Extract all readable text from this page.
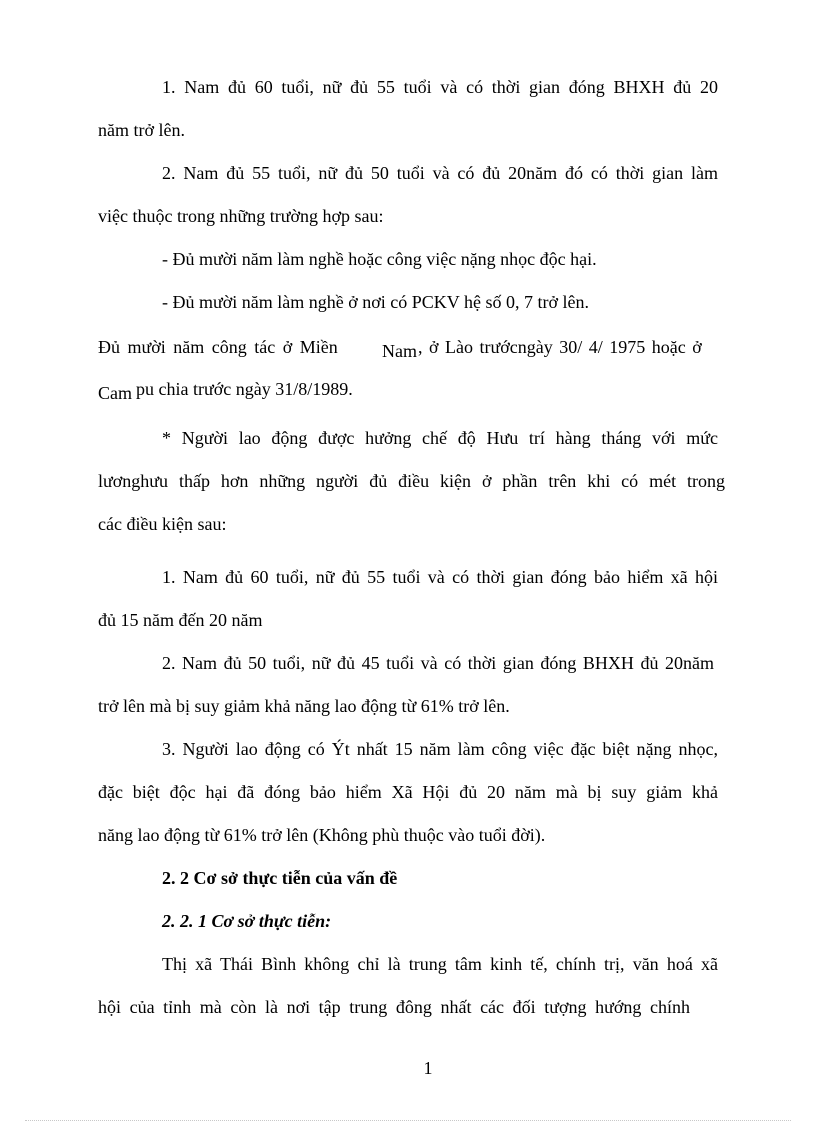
1. Nam đủ 60 tuổi, nữ đủ 55 tuổi và có thời gian đóng BHXH đủ 20
năm trở lên.
2. Nam đủ 55 tuổi, nữ đủ 50 tuổi và có đủ 20năm đó có thời gian làm
việc thuộc trong những trường hợp sau:
- Đủ mười năm làm nghề hoặc công việc nặng nhọc độc hại.
- Đủ mười năm làm nghề ở nơi có PCKV hệ số 0, 7 trở lên.
Đủ mười năm công tác ở Miền Nam , ở Lào trướcngày 30/ 4/ 1975 hoặc ở
Cam pu chia trước ngày 31/8/1989.
* Người lao động được hưởng chế độ Hưu trí hàng tháng với mức
lươnghưu thấp hơn những người đủ điều kiện ở phần trên khi có mét trong
các điều kiện sau:
1. Nam đủ 60 tuổi, nữ đủ 55 tuổi và có thời gian đóng bảo hiểm xã hội
đủ 15 năm đến 20 năm
2. Nam đủ 50 tuổi, nữ đủ 45 tuổi và có thời gian đóng BHXH đủ 20năm
trở lên mà bị suy giảm khả năng lao động từ 61% trở lên.
3. Người lao động có Ýt nhất 15 năm làm công việc đặc biệt nặng nhọc,
đặc biệt độc hại đã đóng bảo hiểm Xã Hội đủ 20 năm mà bị suy giảm khả
năng lao động từ 61% trở lên (Không phù thuộc vào tuổi đời).
2. 2 Cơ sở thực tiễn của vấn đề
2. 2. 1 Cơ sở thực tiễn:
Thị xã Thái Bình không chỉ là trung tâm kinh tế, chính trị, văn hoá xã
hội của tỉnh mà còn là nơi tập trung đông nhất các đối tượng hướng chính
1
